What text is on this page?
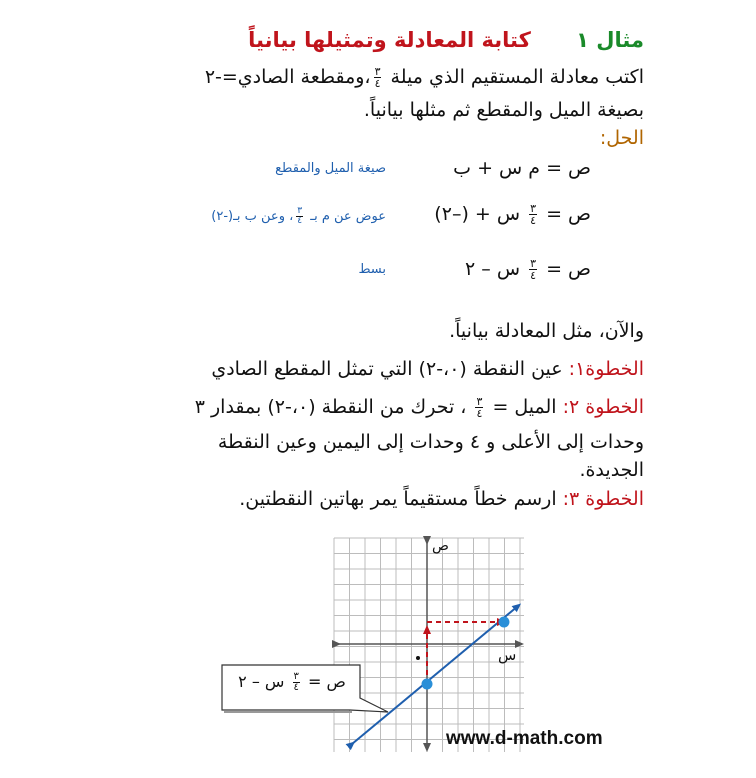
مثال ١ كتابة المعادلة وتمثيلها بيانياً
اكتب معادلة المستقيم الذي ميلة
$\frac{٣}{٤}$
،ومقطعة الصادي=-٢
بصيغة الميل والمقطع ثم مثلها بيانياً.
الحل:
ص = م س + ب
صيغة الميل والمقطع
ص =
$\frac{٣}{٤}$
س + (–٢)
عوض عن م بـ
$\frac{٣}{٤}$
، وعن ب بـ(-٢)
ص =
$\frac{٣}{٤}$
س – ٢
بسط
والآن، مثل المعادلة بيانياً.
الخطوة١: عين النقطة (٠،-٢) التي تمثل المقطع الصادي
الخطوة ٢: الميل =
$\frac{٣}{٤}$
، تحرك من النقطة (٠،-٢) بمقدار ٣
وحدات إلى الأعلى و ٤ وحدات إلى اليمين وعين النقطة
الجديدة.
الخطوة ٣: ارسم خطاً مستقيماً يمر بهاتين النقطتين.
ص
س
ص =
$\frac{٣}{٤}$
س – ٢
www.d-math.com
